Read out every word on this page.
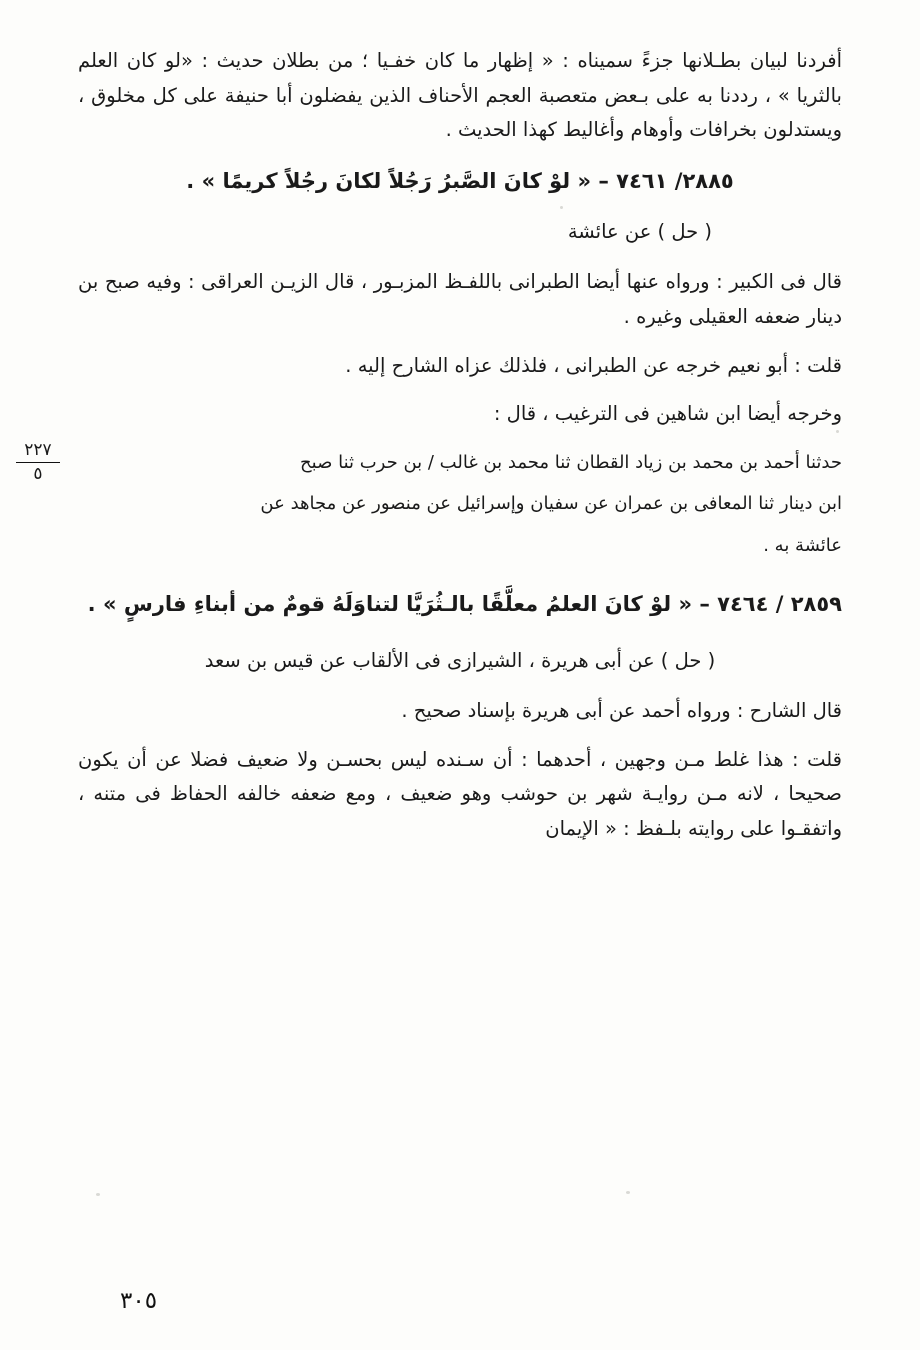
أفردنا لبيان بطـلانها جزءً سميناه : « إظهار ما كان خفـيا ؛ من بطلان حديث : «لو كان العلم بالثريا » ، رددنا به على بـعض متعصبة العجم الأحناف الذين يفضلون أبا حنيفة على كل مخلوق ، ويستدلون بخرافات وأوهام وأغاليط كهذا الحديث .

٢٨٨٥/ ٧٤٦١ – « لوْ كانَ الصَّبرُ رَجُلاً لكانَ رجُلاً كريمًا » .

( حل ) عن عائشة

قال فى الكبير : ورواه عنها أيضا الطبرانى باللفـظ المزبـور ، قال الزيـن العراقى : وفيه صبح بن دينار ضعفه العقيلى وغيره .

قلت : أبو نعيم خرجه عن الطبرانى ، فلذلك عزاه الشارح إليه .

وخرجه أيضا ابن شاهين فى الترغيب ، قال :

٢٢٧
٥

حدثنا أحمد بن محمد بن زياد القطان ثنا محمد بن غالب / بن حرب ثنا صبح

ابن دينار ثنا المعافى بن عمران عن سفيان وإسرائيل عن منصور عن مجاهد عن

عائشة به .

٢٨٥٩ / ٧٤٦٤ – « لوْ كانَ العلمُ معلَّقًا بالـثُرَيَّا لتناوَلَهُ قومٌ من أبناءِ فارسٍ » .

( حل ) عن أبى هريرة ، الشيرازى فى الألقاب عن قيس بن سعد

قال الشارح : ورواه أحمد عن أبى هريرة بإسناد صحيح .

قلت : هذا غلط مـن وجهين ، أحدهما : أن سـنده ليس بحسـن ولا ضعيف فضلا عن أن يكون صحيحا ، لانه مـن روايـة شهر بن حوشب وهو ضعيف ، ومع ضعفه خالفه الحفاظ فى متنه ، واتفقـوا على روايته بلـفظ : « الإيمان

٣٠٥
